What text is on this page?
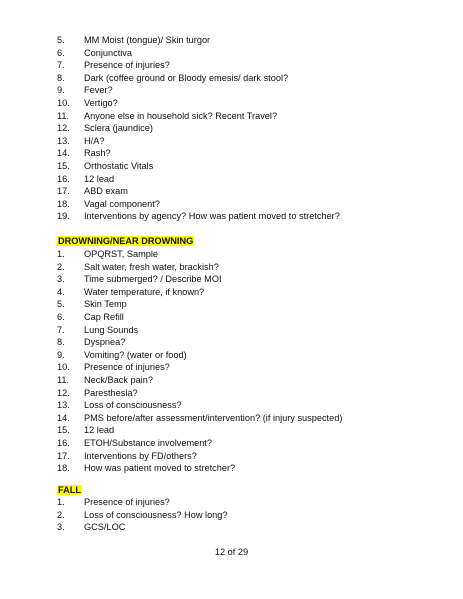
5. MM Moist (tongue)/ Skin turgor
6. Conjunctiva
7. Presence of injuries?
8. Dark (coffee ground or Bloody emesis/ dark stool?
9. Fever?
10. Vertigo?
11. Anyone else in household sick? Recent Travel?
12. Sclera (jaundice)
13. H/A?
14. Rash?
15. Orthostatic Vitals
16. 12 lead
17. ABD exam
18. Vagal component?
19. Interventions by agency? How was patient moved to stretcher?
DROWNING/NEAR DROWNING
1. OPQRST, Sample
2. Salt water, fresh water, brackish?
3. Time submerged? / Describe MOI
4. Water temperature, if known?
5. Skin Temp
6. Cap Refill
7. Lung Sounds
8. Dyspnea?
9. Vomiting? (water or food)
10. Presence of injuries?
11. Neck/Back pain?
12. Paresthesia?
13. Loss of consciousness?
14. PMS before/after assessment/intervention? (if injury suspected)
15. 12 lead
16. ETOH/Substance involvement?
17. Interventions by FD/others?
18. How was patient moved to stretcher?
FALL
1. Presence of injuries?
2. Loss of consciousness? How long?
3. GCS/LOC
12 of 29
